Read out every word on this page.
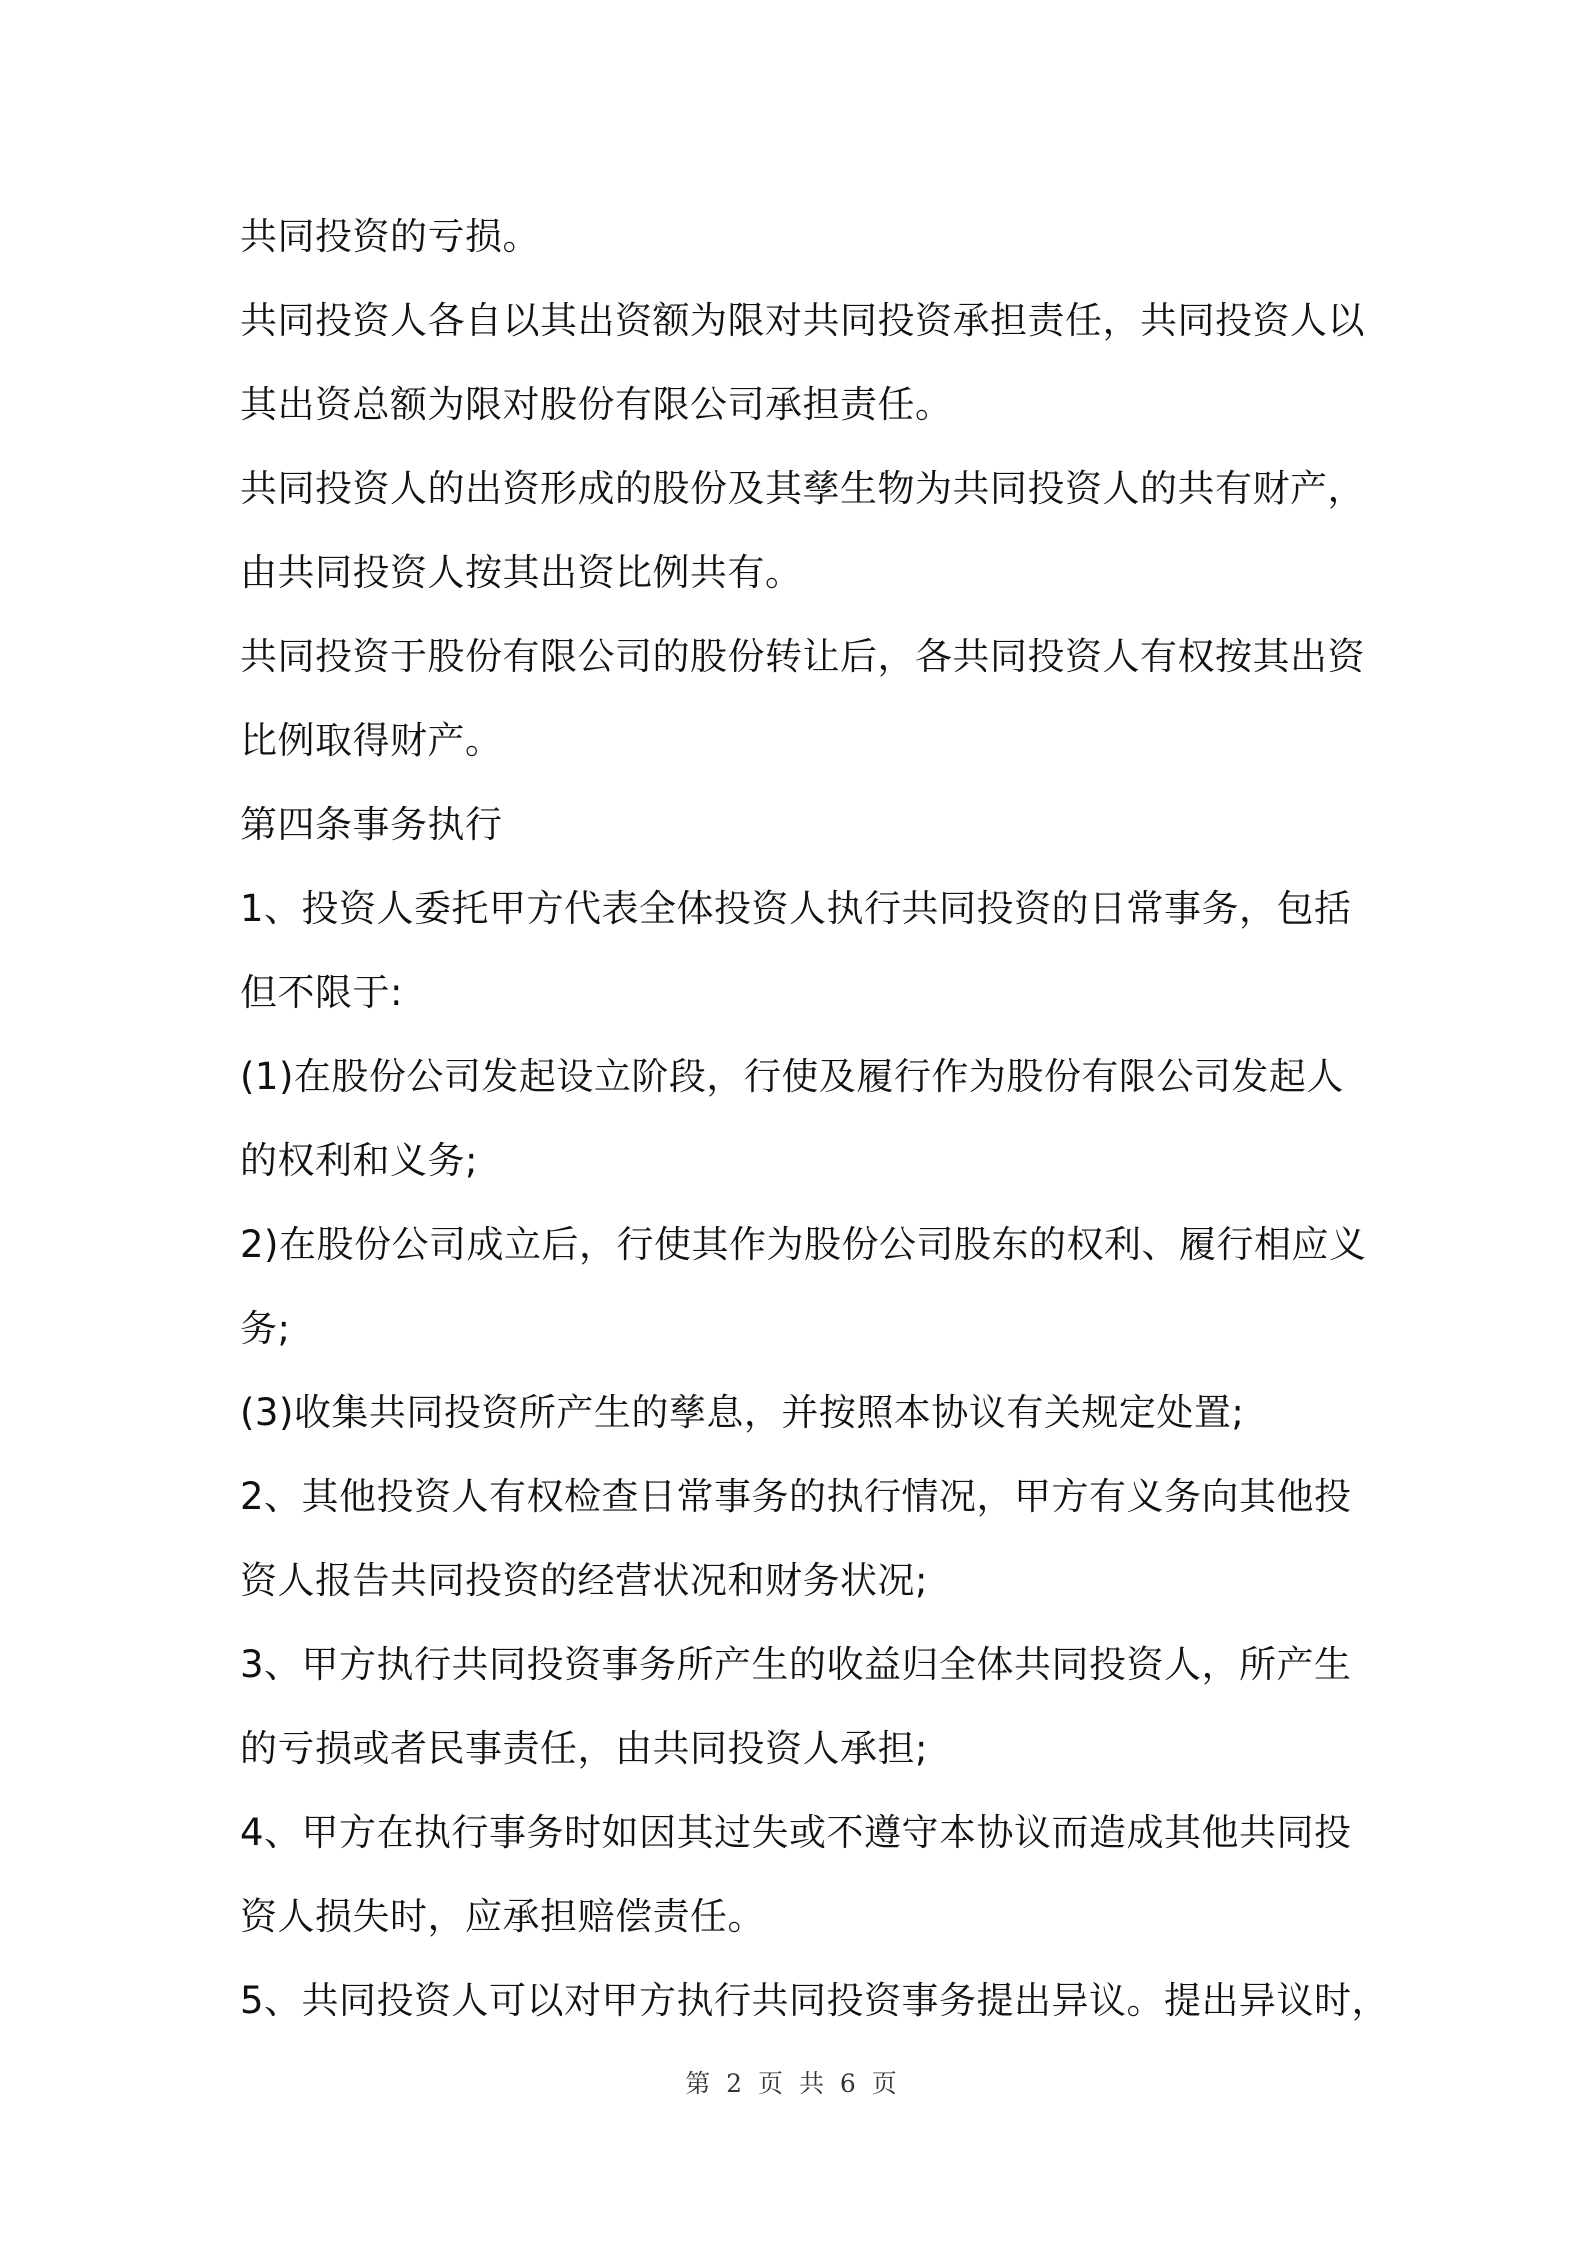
共同投资的亏损。
共同投资人各自以其出资额为限对共同投资承担责任，共同投资人以
其出资总额为限对股份有限公司承担责任。
共同投资人的出资形成的股份及其孳生物为共同投资人的共有财产，
由共同投资人按其出资比例共有。
共同投资于股份有限公司的股份转让后，各共同投资人有权按其出资
比例取得财产。
第四条事务执行
1、投资人委托甲方代表全体投资人执行共同投资的日常事务，包括
但不限于:
(1)在股份公司发起设立阶段，行使及履行作为股份有限公司发起人
的权利和义务;
2)在股份公司成立后，行使其作为股份公司股东的权利、履行相应义
务;
(3)收集共同投资所产生的孳息，并按照本协议有关规定处置;
2、其他投资人有权检查日常事务的执行情况，甲方有义务向其他投
资人报告共同投资的经营状况和财务状况;
3、甲方执行共同投资事务所产生的收益归全体共同投资人，所产生
的亏损或者民事责任，由共同投资人承担;
4、甲方在执行事务时如因其过失或不遵守本协议而造成其他共同投
资人损失时，应承担赔偿责任。
5、共同投资人可以对甲方执行共同投资事务提出异议。提出异议时，
第 2 页 共 6 页
